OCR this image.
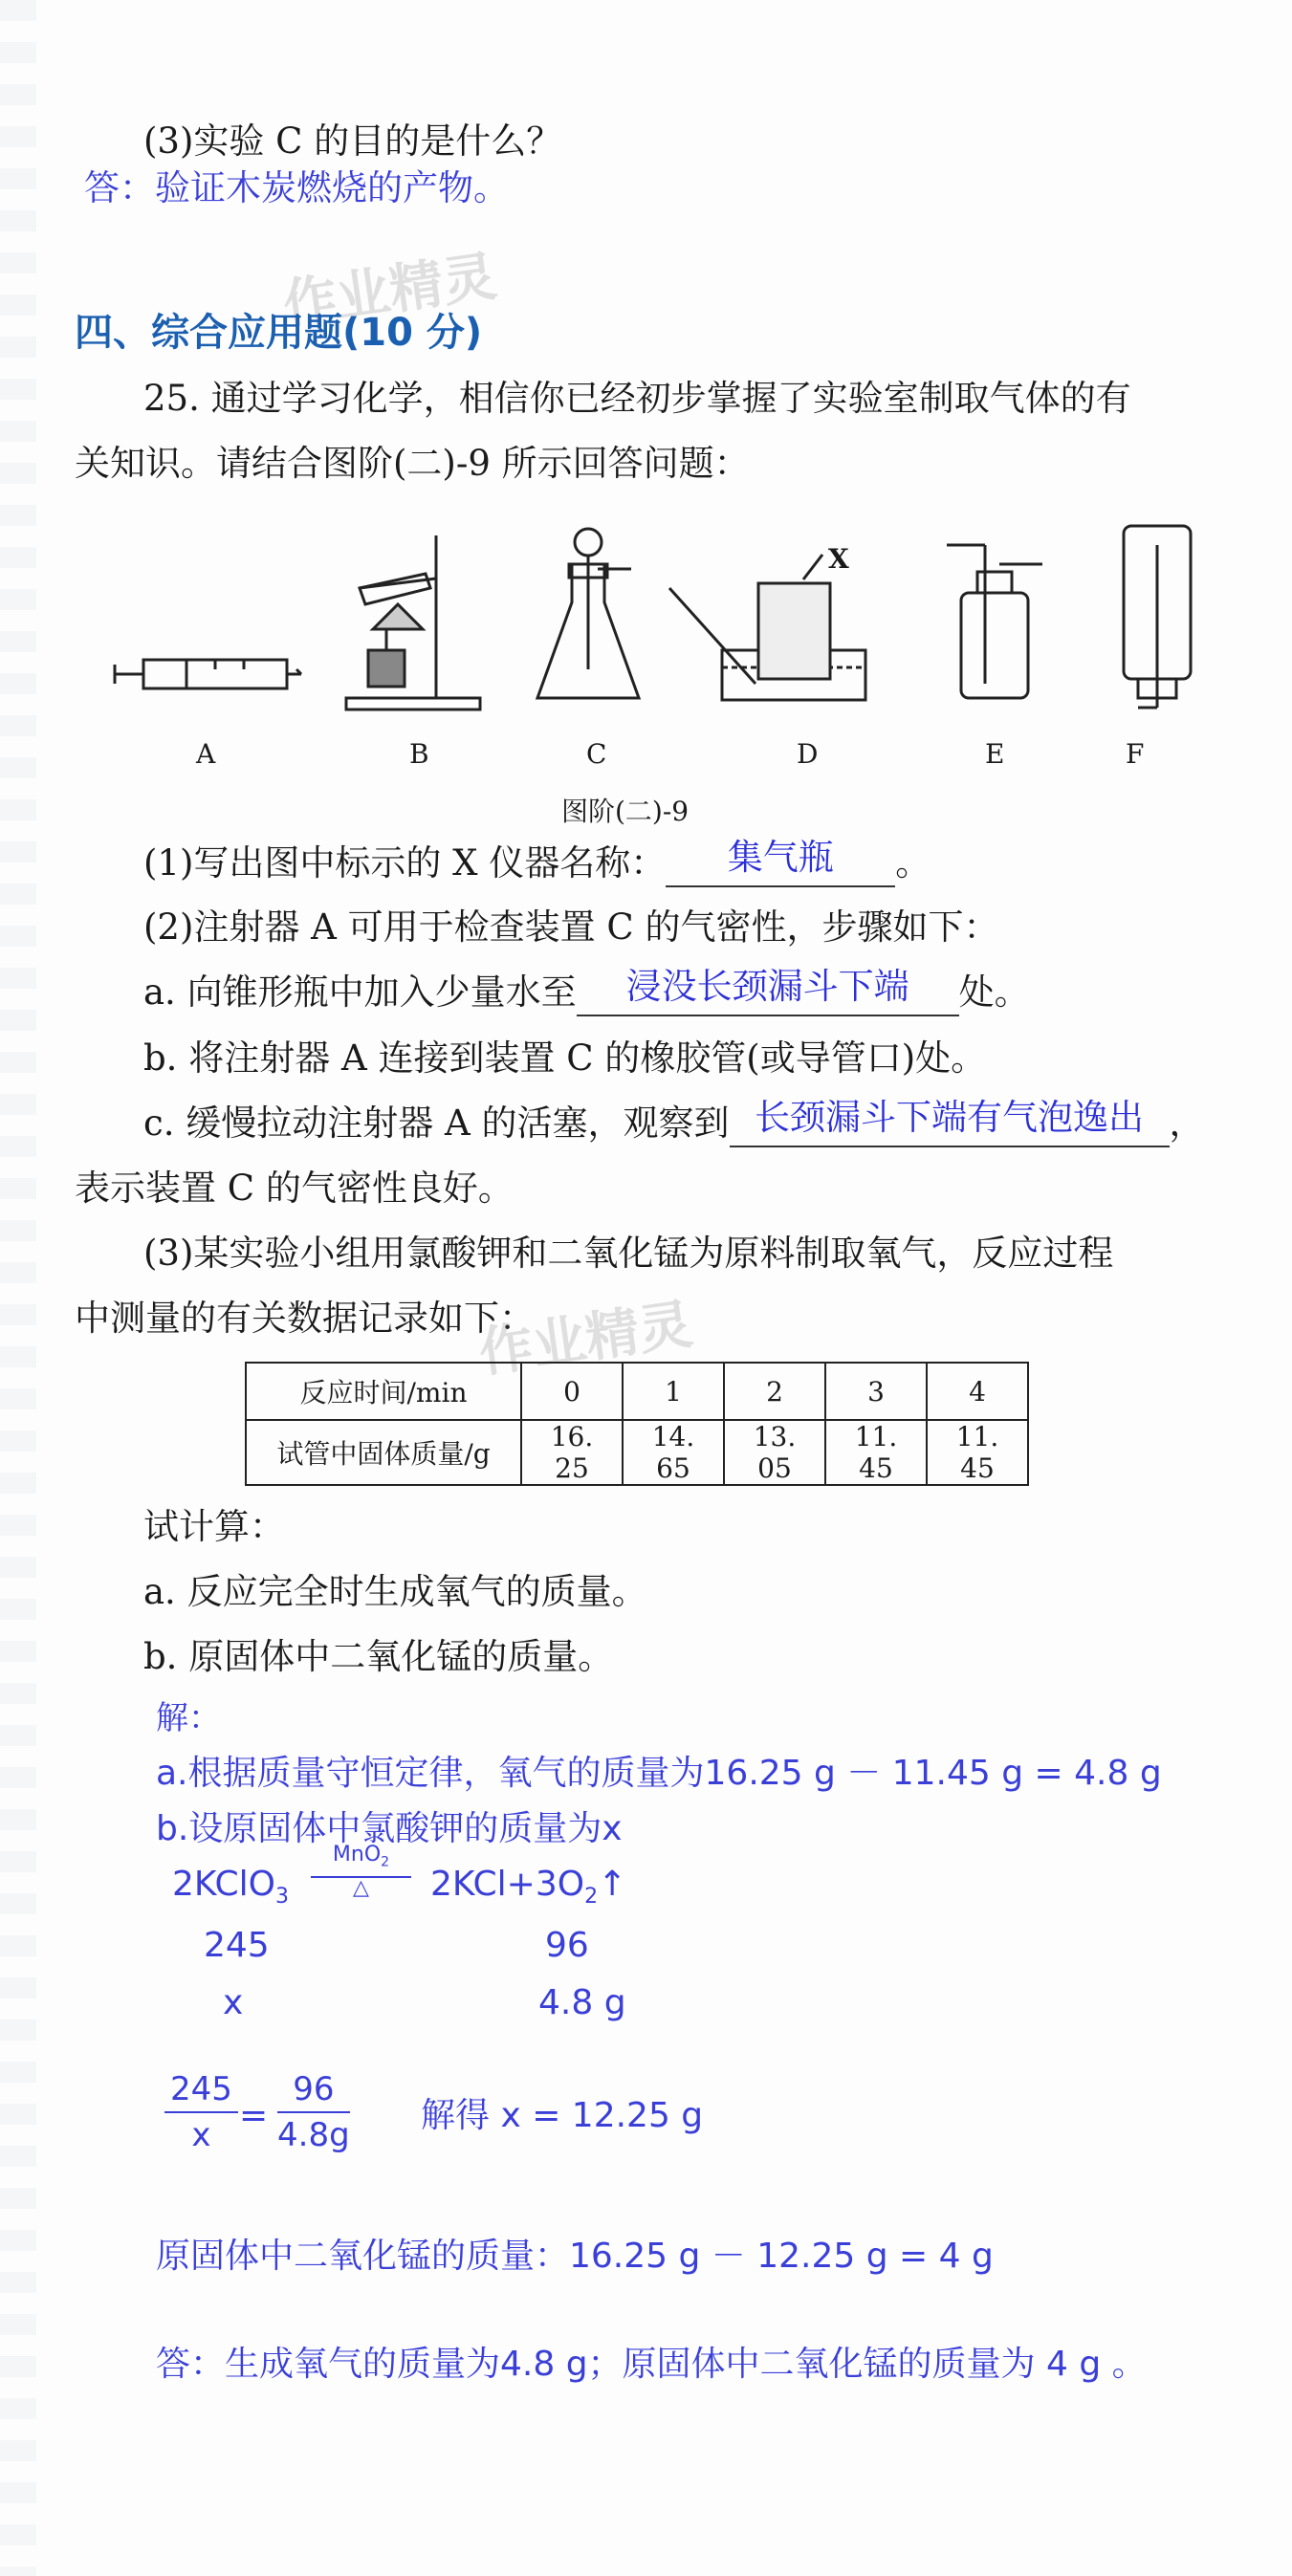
(3)实验 C 的目的是什么？
答：验证木炭燃烧的产物。
作业精灵
四、综合应用题(10 分)
25. 通过学习化学，相信你已经初步掌握了实验室制取气体的有
关知识。请结合图阶(二)-9 所示回答问题：
X
A	B	C	D	E	F
图阶(二)-9
(1)写出图中标示的 X 仪器名称：	集气瓶	。
(2)注射器 A 可用于检查装置 C 的气密性，步骤如下：
a. 向锥形瓶中加入少量水至	浸没长颈漏斗下端	处。
b. 将注射器 A 连接到装置 C 的橡胶管(或导管口)处。
c. 缓慢拉动注射器 A 的活塞，观察到 长颈漏斗下端有气泡逸出 ，
表示装置 C 的气密性良好。
(3)某实验小组用氯酸钾和二氧化锰为原料制取氧气，反应过程
中测量的有关数据记录如下：
作业精灵
反应时间/min	0	1	2	3	4
试管中固体质量/g	16. 25	14. 65	13. 05	11. 45	11. 45
试计算：
a. 反应完全时生成氧气的质量。
b. 原固体中二氧化锰的质量。
解：
a.根据质量守恒定律，氧气的质量为16.25 g － 11.45 g = 4.8 g
b.设原固体中氯酸钾的质量为x
2KClO$_3$
MnO$_2$
△	$2KCl+3O_2↑$
245	96
x	4.8 g
$\frac{245}{x} = \frac{96}{4.8g}$ 解得 x = 12.25 g
原固体中二氧化锰的质量：16.25 g － 12.25 g = 4 g
答：生成氧气的质量为4.8 g；原固体中二氧化锰的质量为 4 g 。
